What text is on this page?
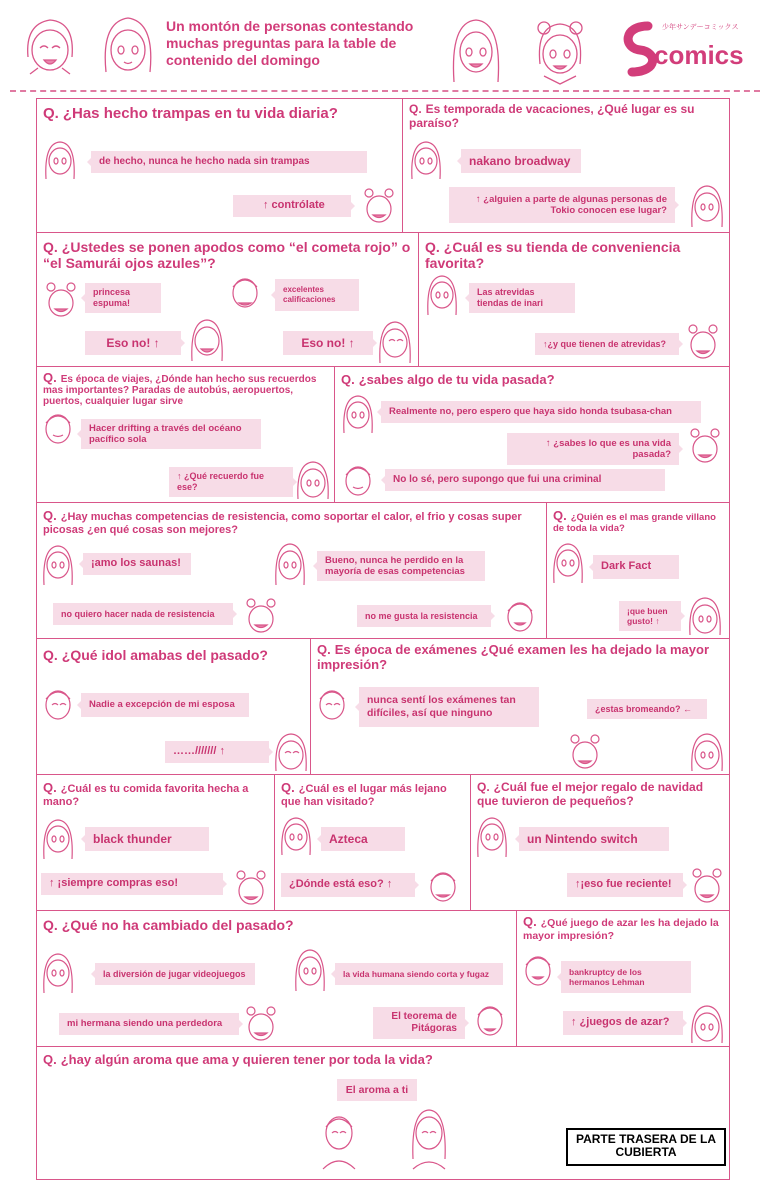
Un montón de personas contestando muchas preguntas para la table de contenido del domingo
少年サンデーコミックス
comics
Q. ¿Has hecho trampas en tu vida diaria?
de hecho, nunca he hecho nada sin trampas
↑ contrólate
Q. Es temporada de vacaciones, ¿Qué lugar es su paraíso?
nakano broadway
↑ ¿alguien a parte de algunas personas de Tokio conocen ese lugar?
Q. ¿Ustedes se ponen apodos como “el cometa rojo” o “el Samurái ojos azules”?
princesa espuma!
excelentes calificaciones
Eso no! ↑	Eso no! ↑
Q. ¿Cuál es su tienda de conveniencia favorita?
Las atrevidas tiendas de inari
↑¿y que tienen de atrevidas?
Q. Es época de viajes, ¿Dónde han hecho sus recuerdos mas importantes? Paradas de autobús, aeropuertos, puertos, cualquier lugar sirve
Hacer drifting a través del océano pacífico sola
↑ ¿Qué recuerdo fue ese?
Q. ¿sabes algo de tu vida pasada?
Realmente no, pero espero que haya sido honda tsubasa-chan
↑ ¿sabes lo que es una vida pasada?
No lo sé, pero supongo que fui una criminal
Q. ¿Hay muchas competencias de resistencia, como soportar el calor, el frio y cosas super picosas ¿en qué cosas son mejores?
¡amo los saunas!	Bueno, nunca he perdido en la mayoría de esas competencias
no quiero hacer nada de resistencia	no me gusta la resistencia
Q. ¿Quién es el mas grande villano de toda la vida?
Dark Fact
¡que buen gusto! ↑
Q. ¿Qué idol amabas del pasado?
Nadie a excepción de mi esposa
……/////// ↑
Q. Es época de exámenes ¿Qué examen les ha dejado la mayor impresión?
nunca sentí los exámenes tan difíciles, así que ninguno	¿estas bromeando? ←
Q. ¿Cuál es tu comida favorita hecha a mano?
black thunder
↑ ¡siempre compras eso!
Q. ¿Cuál es el lugar más lejano que han visitado?
Azteca
¿Dónde está eso? ↑
Q. ¿Cuál fue el mejor regalo de navidad que tuvieron de pequeños?
un Nintendo switch
↑¡eso fue reciente!
Q. ¿Qué no ha cambiado del pasado?
la diversión de jugar videojuegos	la vida humana siendo corta y fugaz
mi hermana siendo una perdedora
El teorema de Pitágoras
Q. ¿Qué juego de azar les ha dejado la mayor impresión?
bankruptcy de los hermanos Lehman
↑ ¿juegos de azar?
Q. ¿hay algún aroma que ama y quieren tener por toda la vida?
El aroma a ti
PARTE TRASERA DE LA CUBIERTA
